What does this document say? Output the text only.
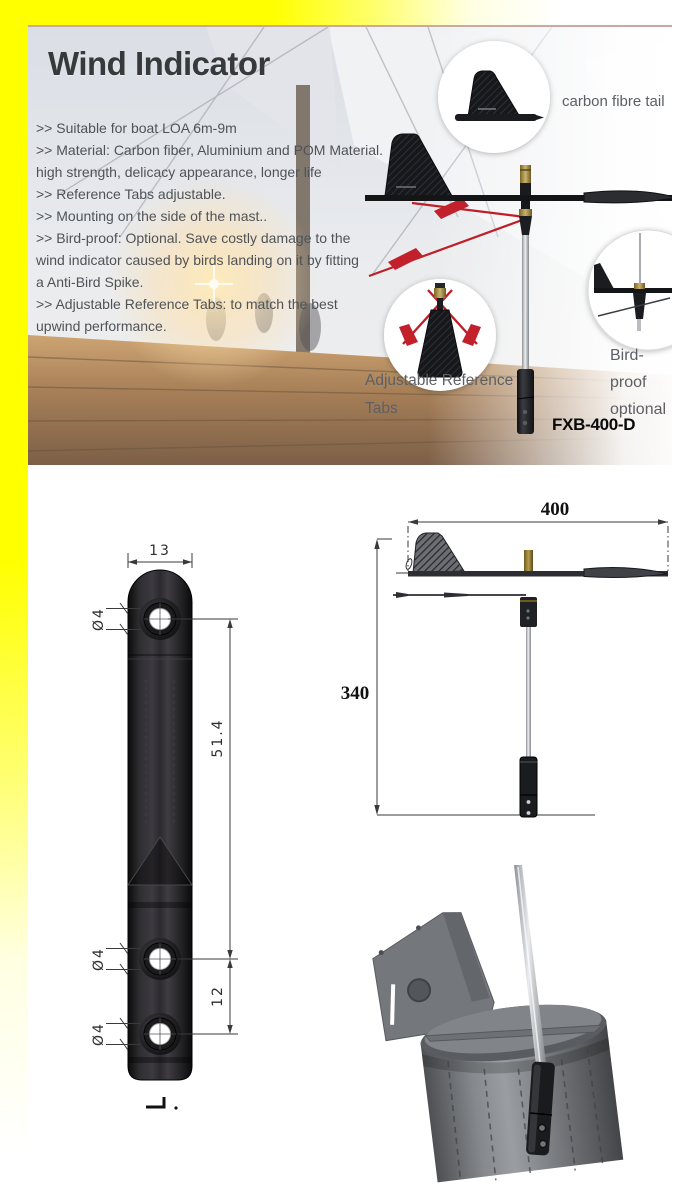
Wind Indicator
>> Suitable for boat LOA 6m-9m
>> Material: Carbon fiber, Aluminium and POM Material.
high strength, delicacy appearance, longer life
>> Reference Tabs adjustable.
>> Mounting on the side of the mast..
>> Bird-proof: Optional. Save costly damage to the
wind indicator caused by birds landing on it by fitting
a Anti-Bird Spike.
>> Adjustable Reference Tabs: to match the best
upwind performance.
carbon fibre tail
Adjustable Reference
Tabs
Bird-proof
optional
FXB-400-D
13
Ø4
51.4
12
Ø4
Ø4
400
340
